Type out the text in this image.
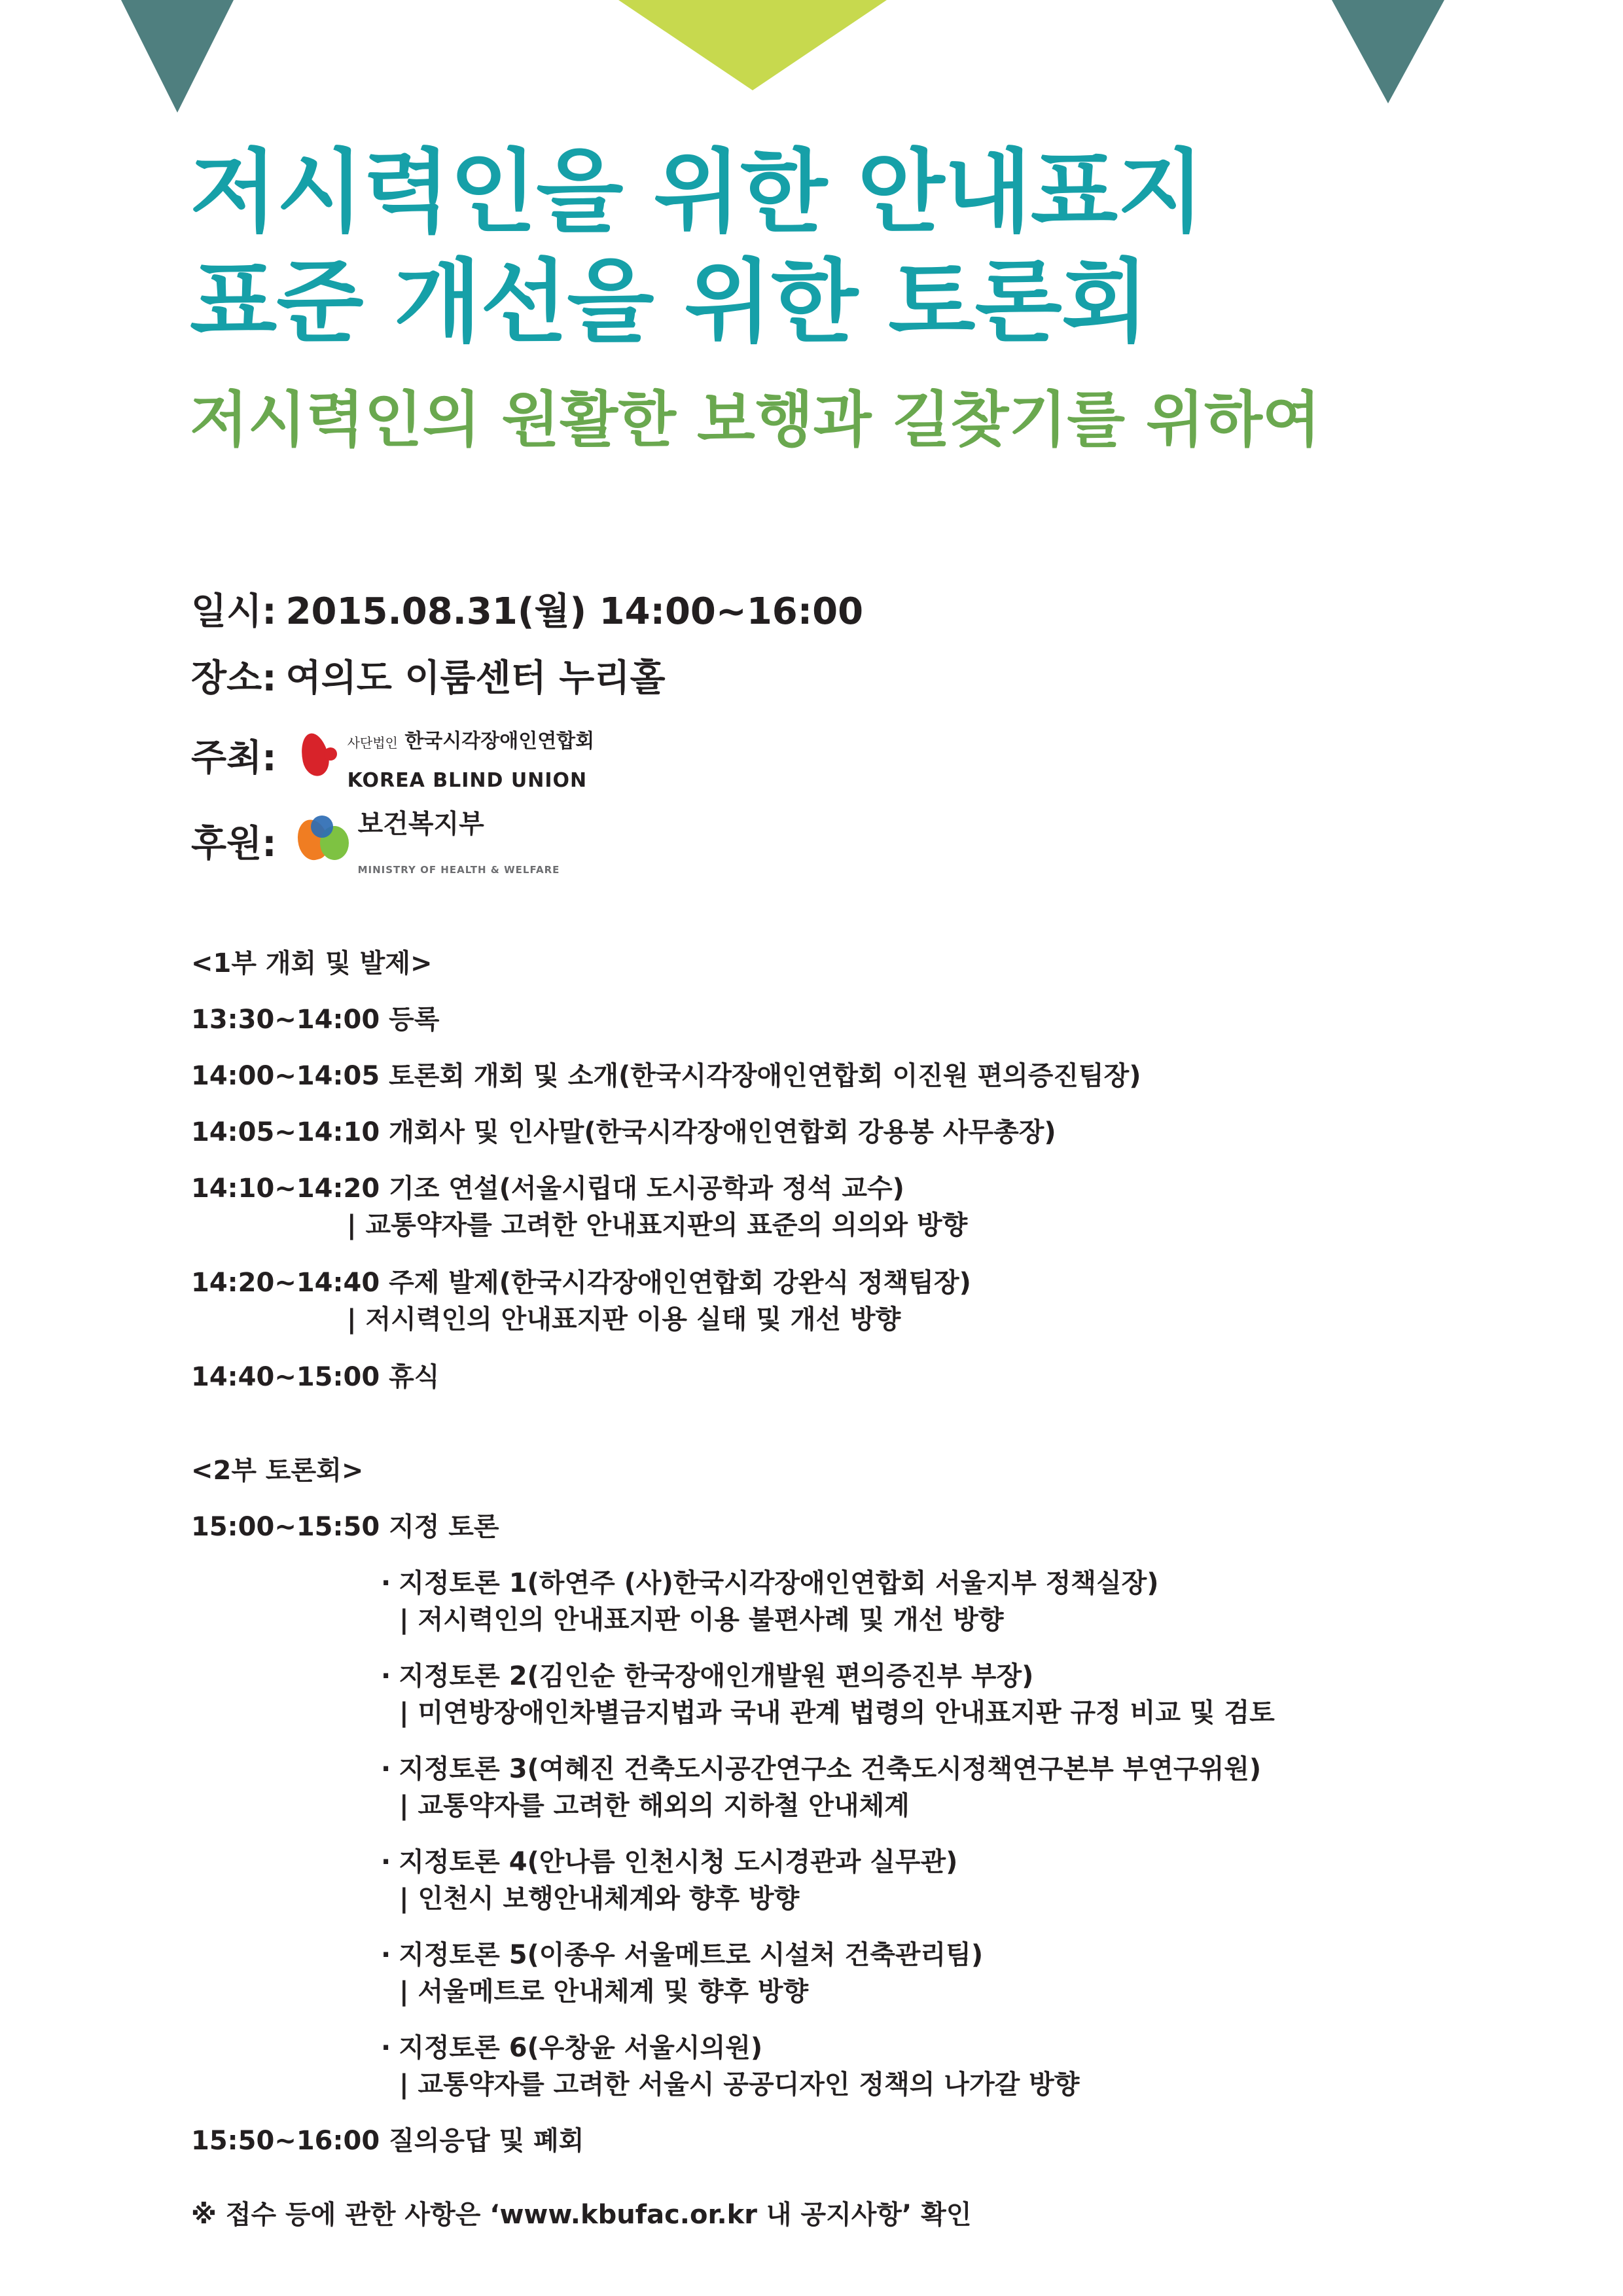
저시력인을 위한 안내표지
표준 개선을 위한 토론회
저시력인의 원활한 보행과 길찾기를 위하여
일시: 2015.08.31(월) 14:00~16:00
장소: 여의도 이룸센터 누리홀
주최:	사단법인 한국시각장애인연합회
KOREA BLIND UNION
후원:	보건복지부
MINISTRY OF HEALTH & WELFARE
<1부 개회 및 발제>
13:30~14:00 등록
14:00~14:05 토론회 개회 및 소개(한국시각장애인연합회 이진원 편의증진팀장)
14:05~14:10 개회사 및 인사말(한국시각장애인연합회 강용봉 사무총장)
14:10~14:20 기조 연설(서울시립대 도시공학과 정석 교수)
| 교통약자를 고려한 안내표지판의 표준의 의의와 방향
14:20~14:40 주제 발제(한국시각장애인연합회 강완식 정책팀장)
| 저시력인의 안내표지판 이용 실태 및 개선 방향
14:40~15:00 휴식
<2부 토론회>
15:00~15:50 지정 토론
· 지정토론 1(하연주 (사)한국시각장애인연합회 서울지부 정책실장)
| 저시력인의 안내표지판 이용 불편사례 및 개선 방향
· 지정토론 2(김인순 한국장애인개발원 편의증진부 부장)
| 미연방장애인차별금지법과 국내 관계 법령의 안내표지판 규정 비교 및 검토
· 지정토론 3(여혜진 건축도시공간연구소 건축도시정책연구본부 부연구위원)
| 교통약자를 고려한 해외의 지하철 안내체계
· 지정토론 4(안나름 인천시청 도시경관과 실무관)
| 인천시 보행안내체계와 향후 방향
· 지정토론 5(이종우 서울메트로 시설처 건축관리팀)
| 서울메트로 안내체계 및 향후 방향
· 지정토론 6(우창윤 서울시의원)
| 교통약자를 고려한 서울시 공공디자인 정책의 나가갈 방향
15:50~16:00 질의응답 및 폐회
※ 접수 등에 관한 사항은 ‘www.kbufac.or.kr 내 공지사항’ 확인
